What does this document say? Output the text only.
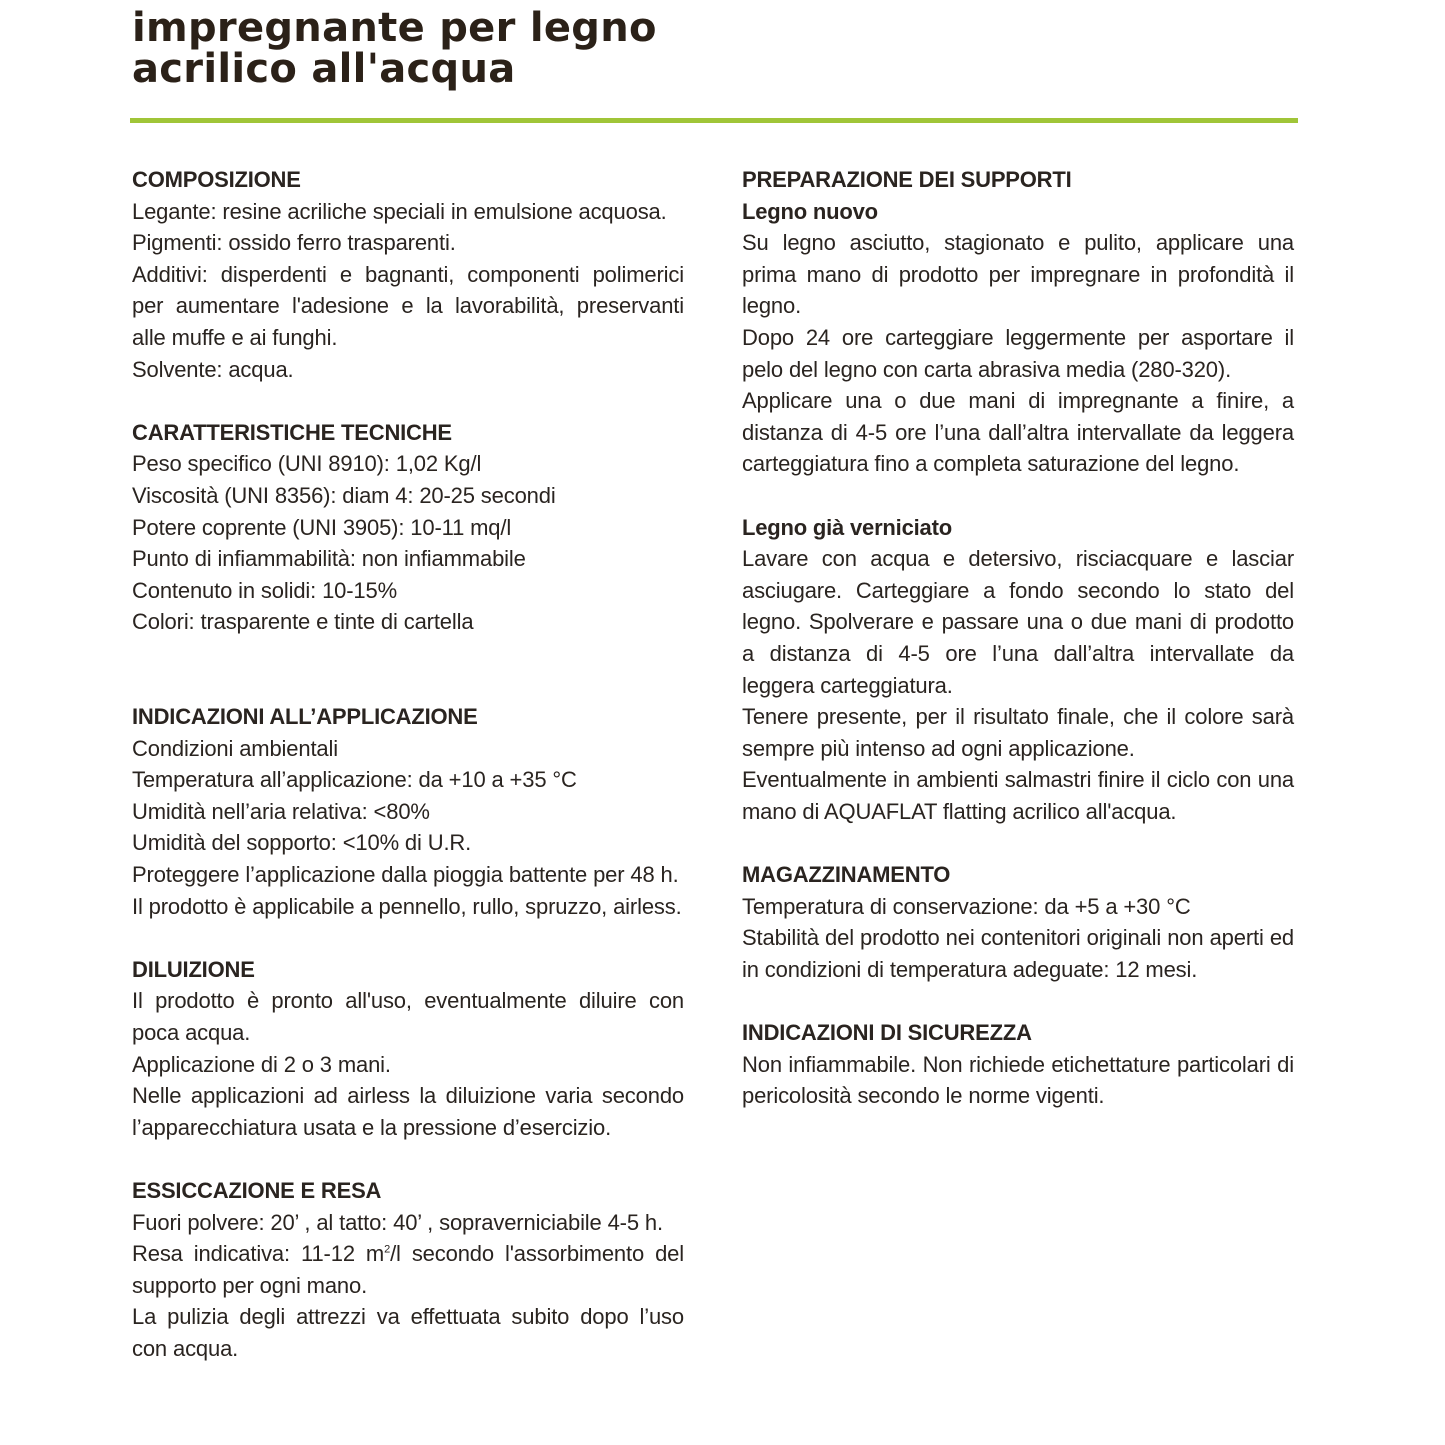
impregnante per legno
acrilico all'acqua
COMPOSIZIONE

Legante: resine acriliche speciali in emulsione acquosa.

Pigmenti: ossido ferro trasparenti.

Additivi: disperdenti e bagnanti, componenti polimerici per aumentare l'adesione e la lavorabilità, preservanti alle muffe e ai funghi.

Solvente: acqua.

CARATTERISTICHE TECNICHE

Peso specifico (UNI 8910): 1,02 Kg/l

Viscosità (UNI 8356): diam 4: 20-25 secondi

Potere coprente (UNI 3905): 10-11 mq/l

Punto di infiammabilità: non infiammabile

Contenuto in solidi: 10-15%

Colori: trasparente e tinte di cartella

INDICAZIONI ALL’APPLICAZIONE

Condizioni ambientali

Temperatura all’applicazione: da +10 a +35 °C

Umidità nell’aria relativa: <80%

Umidità del sopporto: <10% di U.R.

Proteggere l’applicazione dalla pioggia battente per 48 h.

Il prodotto è applicabile a pennello, rullo, spruzzo, airless.

DILUIZIONE

Il prodotto è pronto all'uso, eventualmente diluire con poca acqua.

Applicazione di 2 o 3 mani.

Nelle applicazioni ad airless la diluizione varia secondo l’apparecchiatura usata e la pressione d’esercizio.

ESSICCAZIONE E RESA

Fuori polvere: 20’ , al tatto: 40’ , sopraverniciabile 4-5 h.

Resa indicativa: 11-12 $m^2/l$ secondo l'assorbimento del supporto per ogni mano.

La pulizia degli attrezzi va effettuata subito dopo l’uso con acqua.

PREPARAZIONE DEI SUPPORTI
Legno nuovo

Su legno asciutto, stagionato e pulito, applicare una prima mano di prodotto per impregnare in profondità il legno.

Dopo 24 ore carteggiare leggermente per asportare il pelo del legno con carta abrasiva media (280-320).

Applicare una o due mani di impregnante a finire, a distanza di 4-5 ore l’una dall’altra intervallate da leggera carteggiatura fino a completa saturazione del legno.

Legno già verniciato

Lavare con acqua e detersivo, risciacquare e lasciar asciugare. Carteggiare a fondo secondo lo stato del legno. Spolverare e passare una o due mani di prodotto a distanza di 4-5 ore l’una dall’altra intervallate da leggera carteggiatura.

Tenere presente, per il risultato finale, che il colore sarà sempre più intenso ad ogni applicazione.

Eventualmente in ambienti salmastri finire il ciclo con una mano di AQUAFLAT flatting acrilico all'acqua.

MAGAZZINAMENTO

Temperatura di conservazione: da +5 a +30 °C

Stabilità del prodotto nei contenitori originali non aperti ed in condizioni di temperatura adeguate: 12 mesi.

INDICAZIONI DI SICUREZZA

Non infiammabile. Non richiede etichettature particolari di pericolosità secondo le norme vigenti.
